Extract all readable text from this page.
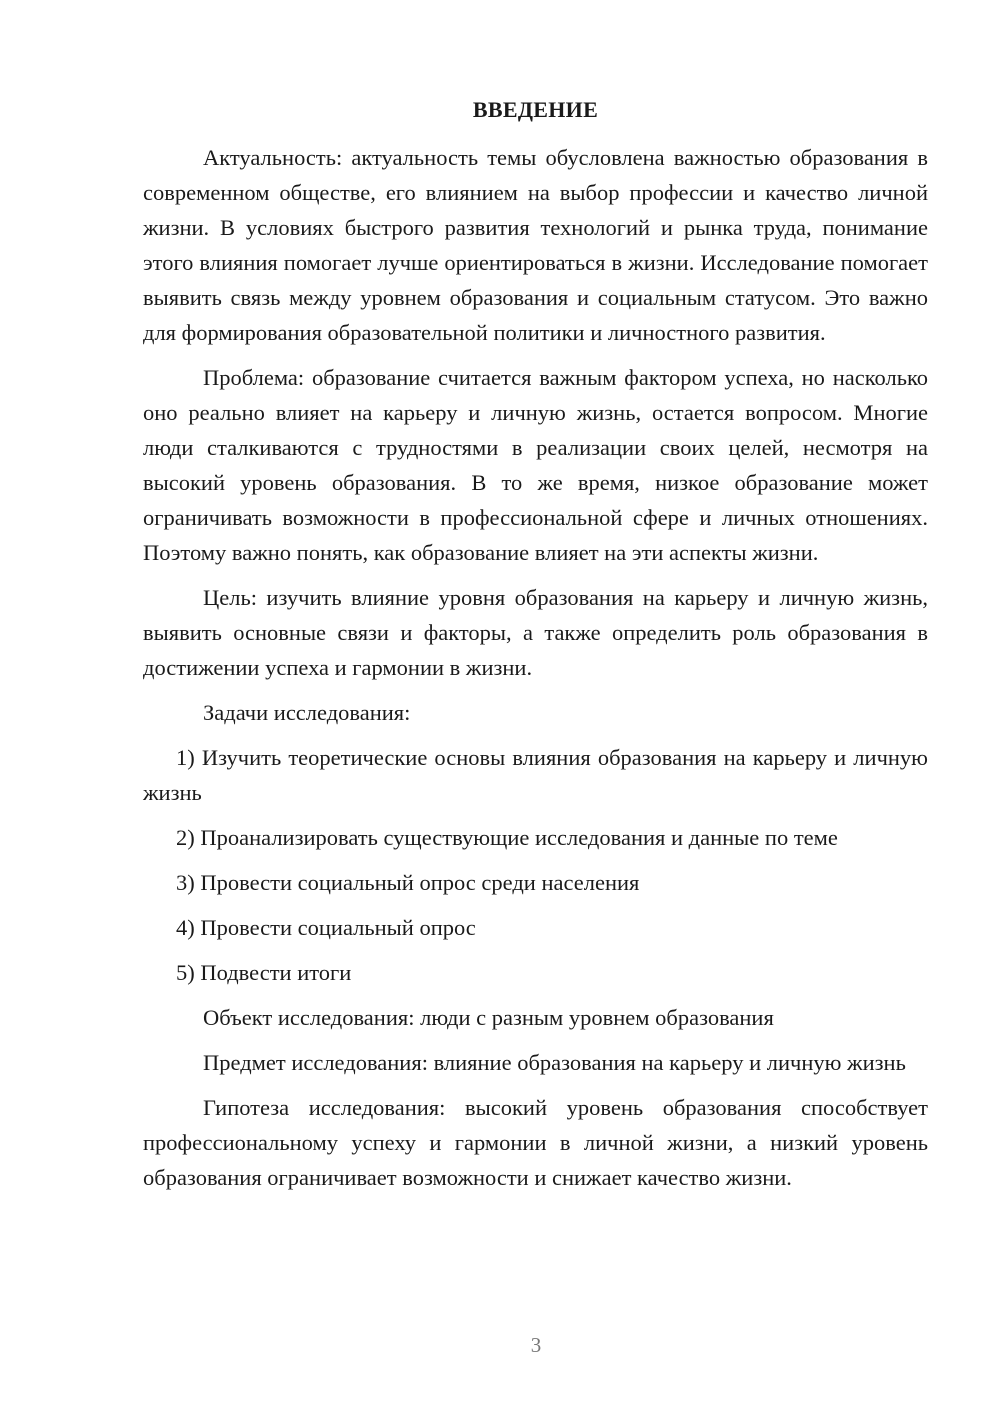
ВВЕДЕНИЕ

Актуальность: актуальность темы обусловлена важностью образования в современном обществе, его влиянием на выбор профессии и качество личной жизни. В условиях быстрого развития технологий и рынка труда, понимание этого влияния помогает лучше ориентироваться в жизни. Исследование помогает выявить связь между уровнем образования и социальным статусом. Это важно для формирования образовательной политики и личностного развития.

Проблема: образование считается важным фактором успеха, но насколько оно реально влияет на карьеру и личную жизнь, остается вопросом. Многие люди сталкиваются с трудностями в реализации своих целей, несмотря на высокий уровень образования. В то же время, низкое образование может ограничивать возможности в профессиональной сфере и личных отношениях. Поэтому важно понять, как образование влияет на эти аспекты жизни.

Цель: изучить влияние уровня образования на карьеру и личную жизнь, выявить основные связи и факторы, а также определить роль образования в достижении успеха и гармонии в жизни.

Задачи исследования:

1) Изучить теоретические основы влияния образования на карьеру и личную жизнь

2) Проанализировать существующие исследования и данные по теме
3) Провести социальный опрос среди населения
4) Провести социальный опрос
5) Подвести итоги

Объект исследования: люди с разным уровнем образования

Предмет исследования: влияние образования на карьеру и личную жизнь

Гипотеза исследования: высокий уровень образования способствует профессиональному успеху и гармонии в личной жизни, а низкий уровень образования ограничивает возможности и снижает качество жизни.

3
